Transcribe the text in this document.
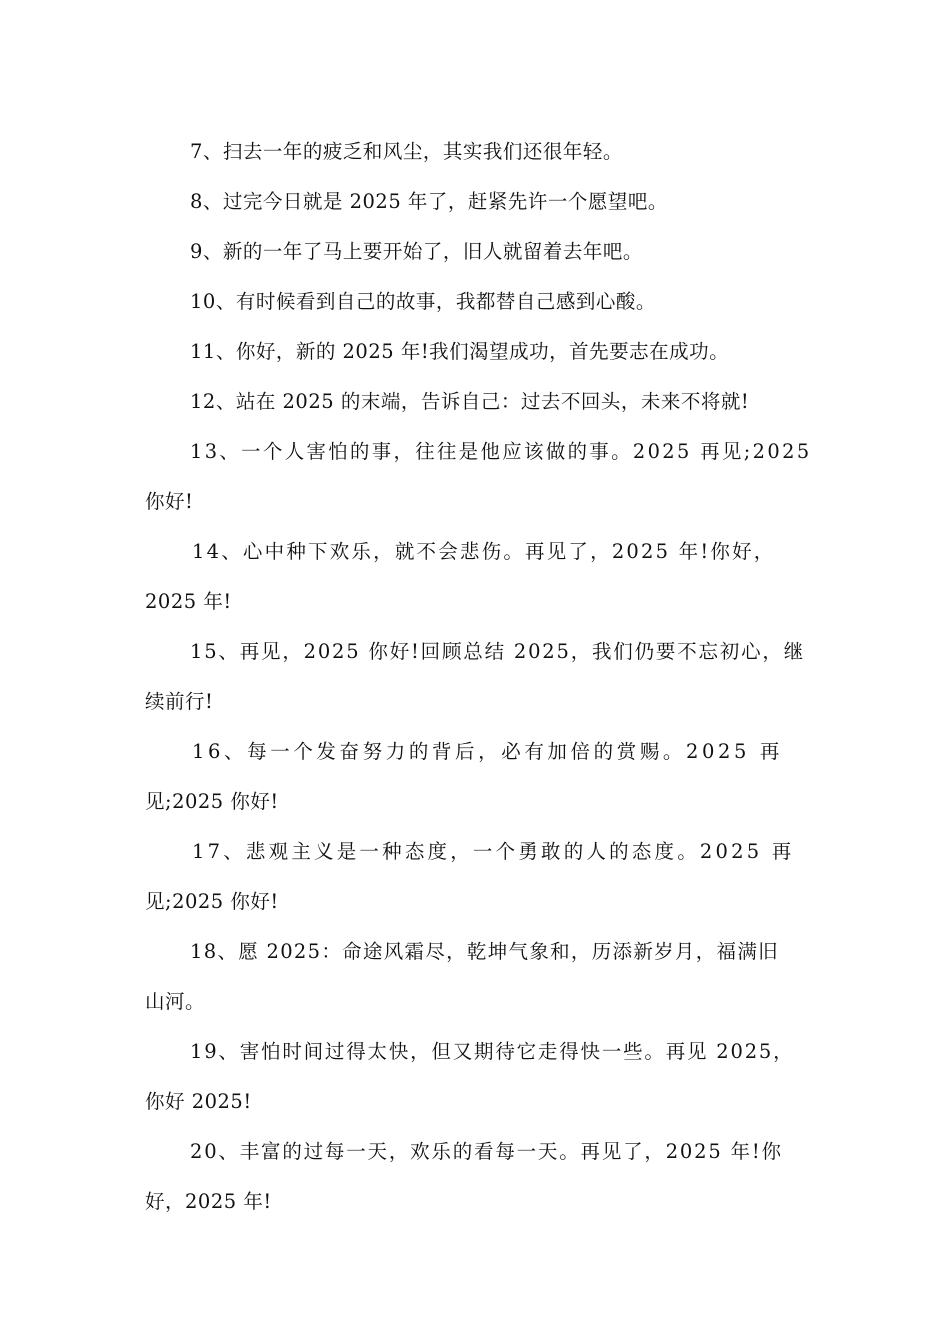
7、扫去一年的疲乏和风尘，其实我们还很年轻。
8、过完今日就是 2025 年了，赶紧先许一个愿望吧。
9、新的一年了马上要开始了，旧人就留着去年吧。
10、有时候看到自己的故事，我都替自己感到心酸。
11、你好，新的 2025 年!我们渴望成功，首先要志在成功。
12、站在 2025 的末端，告诉自己：过去不回头，未来不将就!
13、一个人害怕的事，往往是他应该做的事。2025 再见;2025
你好!
14、心中种下欢乐，就不会悲伤。再见了，2025 年!你好，
2025 年!
15、再见，2025 你好!回顾总结 2025，我们仍要不忘初心，继
续前行!
16、每一个发奋努力的背后，必有加倍的赏赐。2025 再
见;2025 你好!
17、悲观主义是一种态度，一个勇敢的人的态度。2025 再
见;2025 你好!
18、愿 2025：命途风霜尽，乾坤气象和，历添新岁月，福满旧
山河。
19、害怕时间过得太快，但又期待它走得快一些。再见 2025，
你好 2025!
20、丰富的过每一天，欢乐的看每一天。再见了，2025 年!你
好，2025 年!
